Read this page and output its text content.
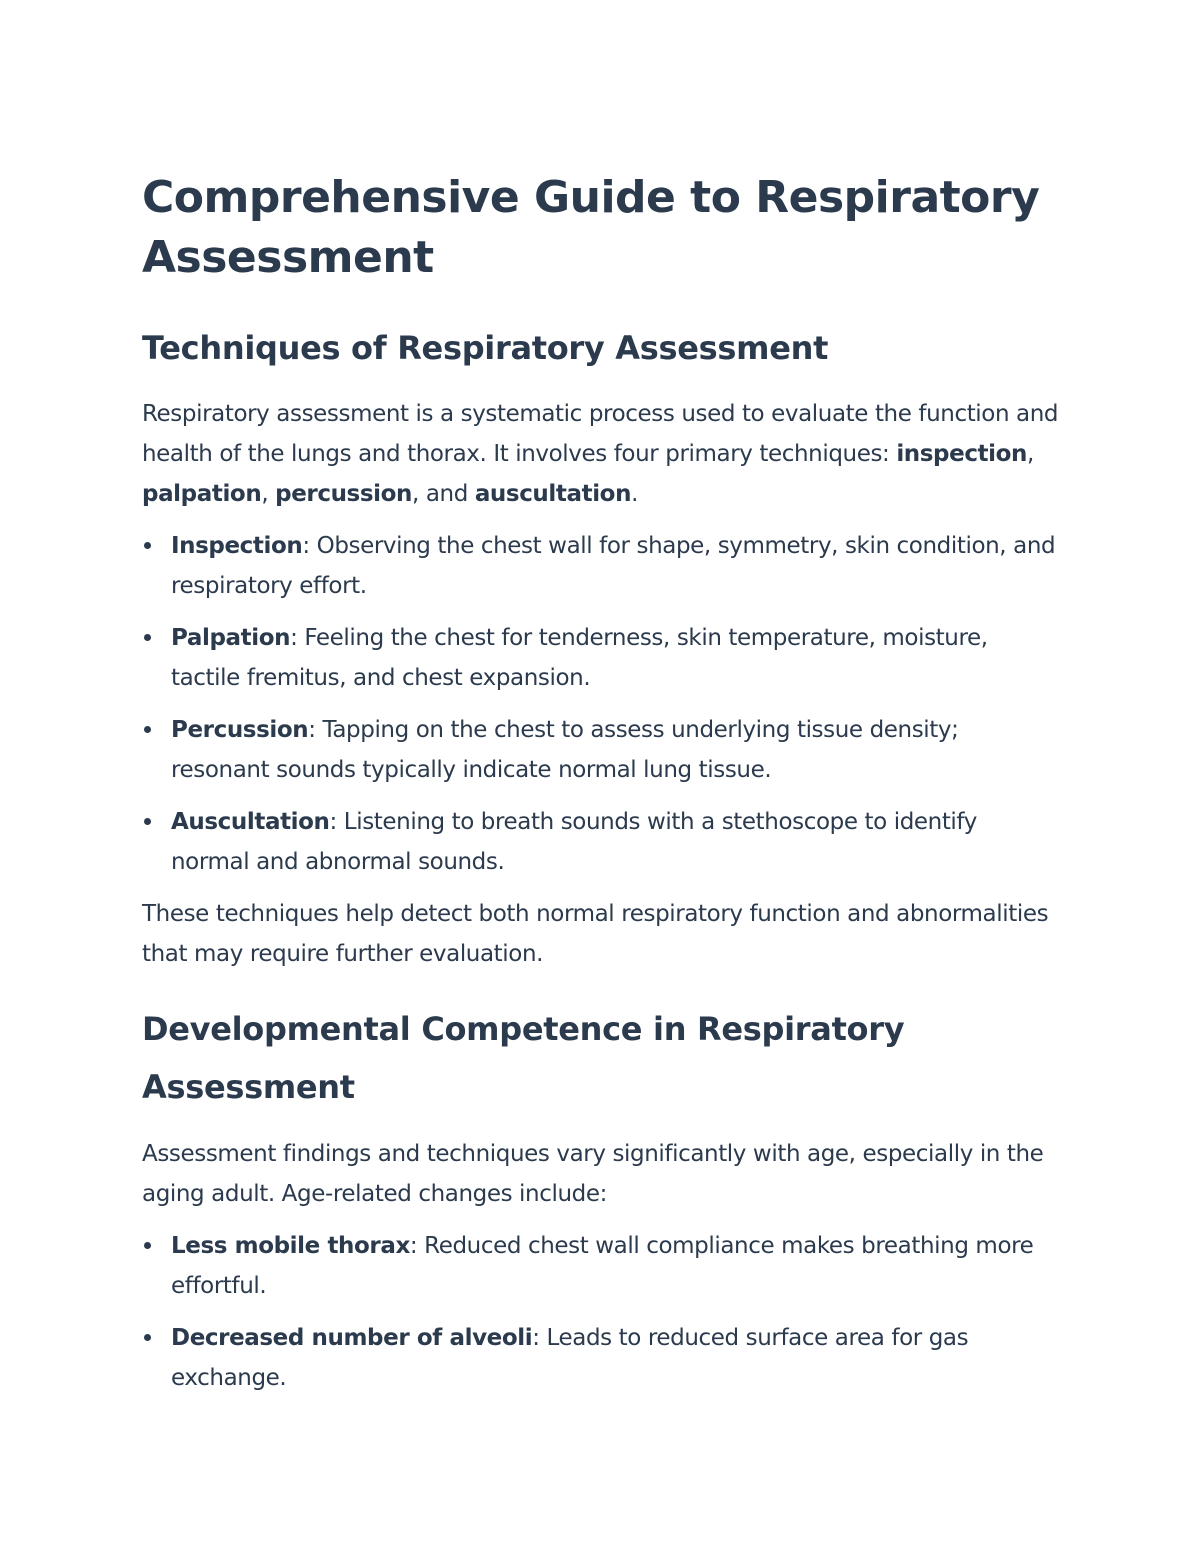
Comprehensive Guide to Respiratory Assessment
Techniques of Respiratory Assessment

Respiratory assessment is a systematic process used to evaluate the function and health of the lungs and thorax. It involves four primary techniques: inspection, palpation, percussion, and auscultation.

Inspection: Observing the chest wall for shape, symmetry, skin condition, and respiratory effort.
Palpation: Feeling the chest for tenderness, skin temperature, moisture, tactile fremitus, and chest expansion.
Percussion: Tapping on the chest to assess underlying tissue density; resonant sounds typically indicate normal lung tissue.
Auscultation: Listening to breath sounds with a stethoscope to identify normal and abnormal sounds.

These techniques help detect both normal respiratory function and abnormalities that may require further evaluation.

Developmental Competence in Respiratory Assessment

Assessment findings and techniques vary significantly with age, especially in the aging adult. Age-related changes include:

Less mobile thorax: Reduced chest wall compliance makes breathing more effortful.
Decreased number of alveoli: Leads to reduced surface area for gas exchange.
